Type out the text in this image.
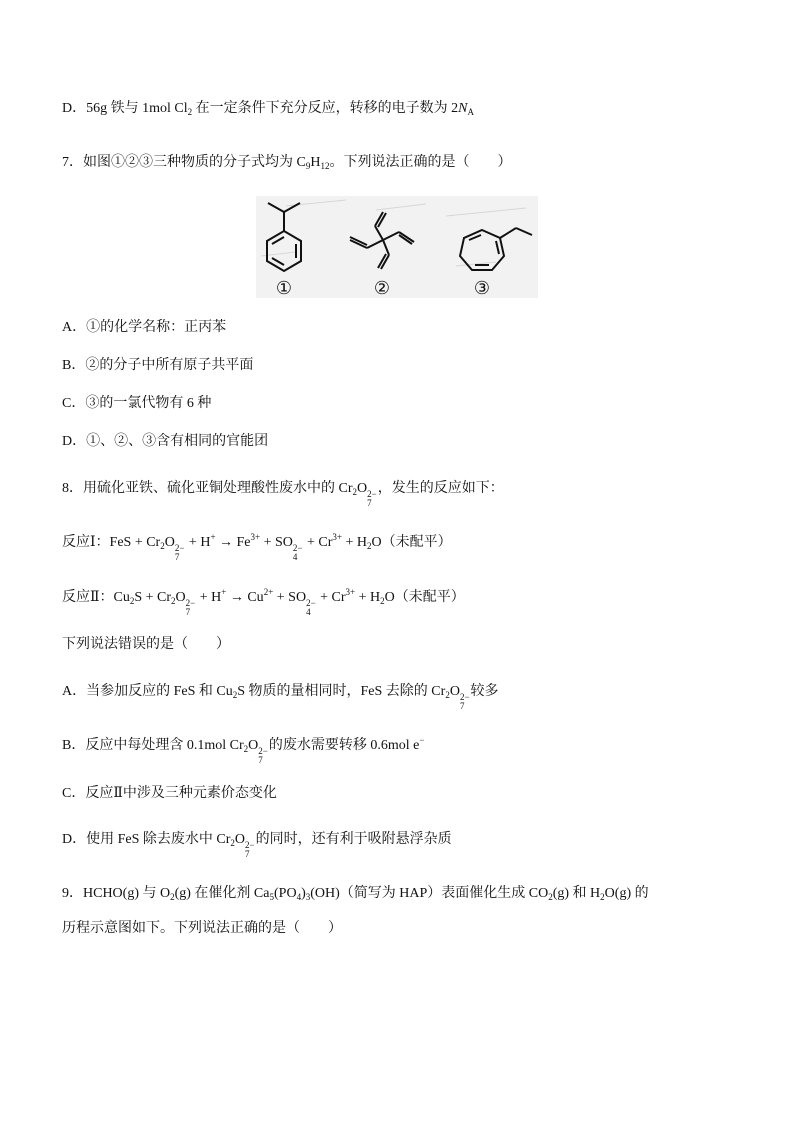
D．56g 铁与 1mol $Cl_2$ 在一定条件下充分反应，转移的电子数为 $2N_A$
7．如图①②③三种物质的分子式均为 $C_9H_{12}$。下列说法正确的是（ ）
①	②	③
A．①的化学名称：正丙苯
B．②的分子中所有原子共平面
C．③的一氯代物有 6 种
D．①、②、③含有相同的官能团
8．用硫化亚铁、硫化亚铜处理酸性废水中的 $Cr_2O$ 2−
7
，发生的反应如下：
反应Ⅰ：FeS + $Cr_2O$ 2−
7
+ $H^+ \to Fe^{3+}$ + SO 2−
4
+ $Cr^{3+} + H_2O$（未配平）
反应Ⅱ：$Cu_2S + Cr_2O$ 2−
7
+ $H^+ \to Cu^{2+}$ + SO 2−
4
+ $Cr^{3+} + H_2O$（未配平）
下列说法错误的是（ ）
A．当参加反应的 FeS 和 $Cu_2S$ 物质的量相同时，FeS 去除的 $Cr_2O$ 2−
7
较多
B．反应中每处理含 0.1mol $Cr_2O$ 2−
7
的废水需要转移 0.6mol e−
C．反应Ⅱ中涉及三种元素价态变化
D．使用 FeS 除去废水中 $Cr_2O$ 2−
7
的同时，还有利于吸附悬浮杂质
9．HCHO(g) 与 $O_2(g)$ 在催化剂 $Ca_5(PO_4)_3(OH)$（简写为 HAP）表面催化生成 $CO_2(g)$ 和 $H_2O(g)$ 的
历程示意图如下。下列说法正确的是（ ）
